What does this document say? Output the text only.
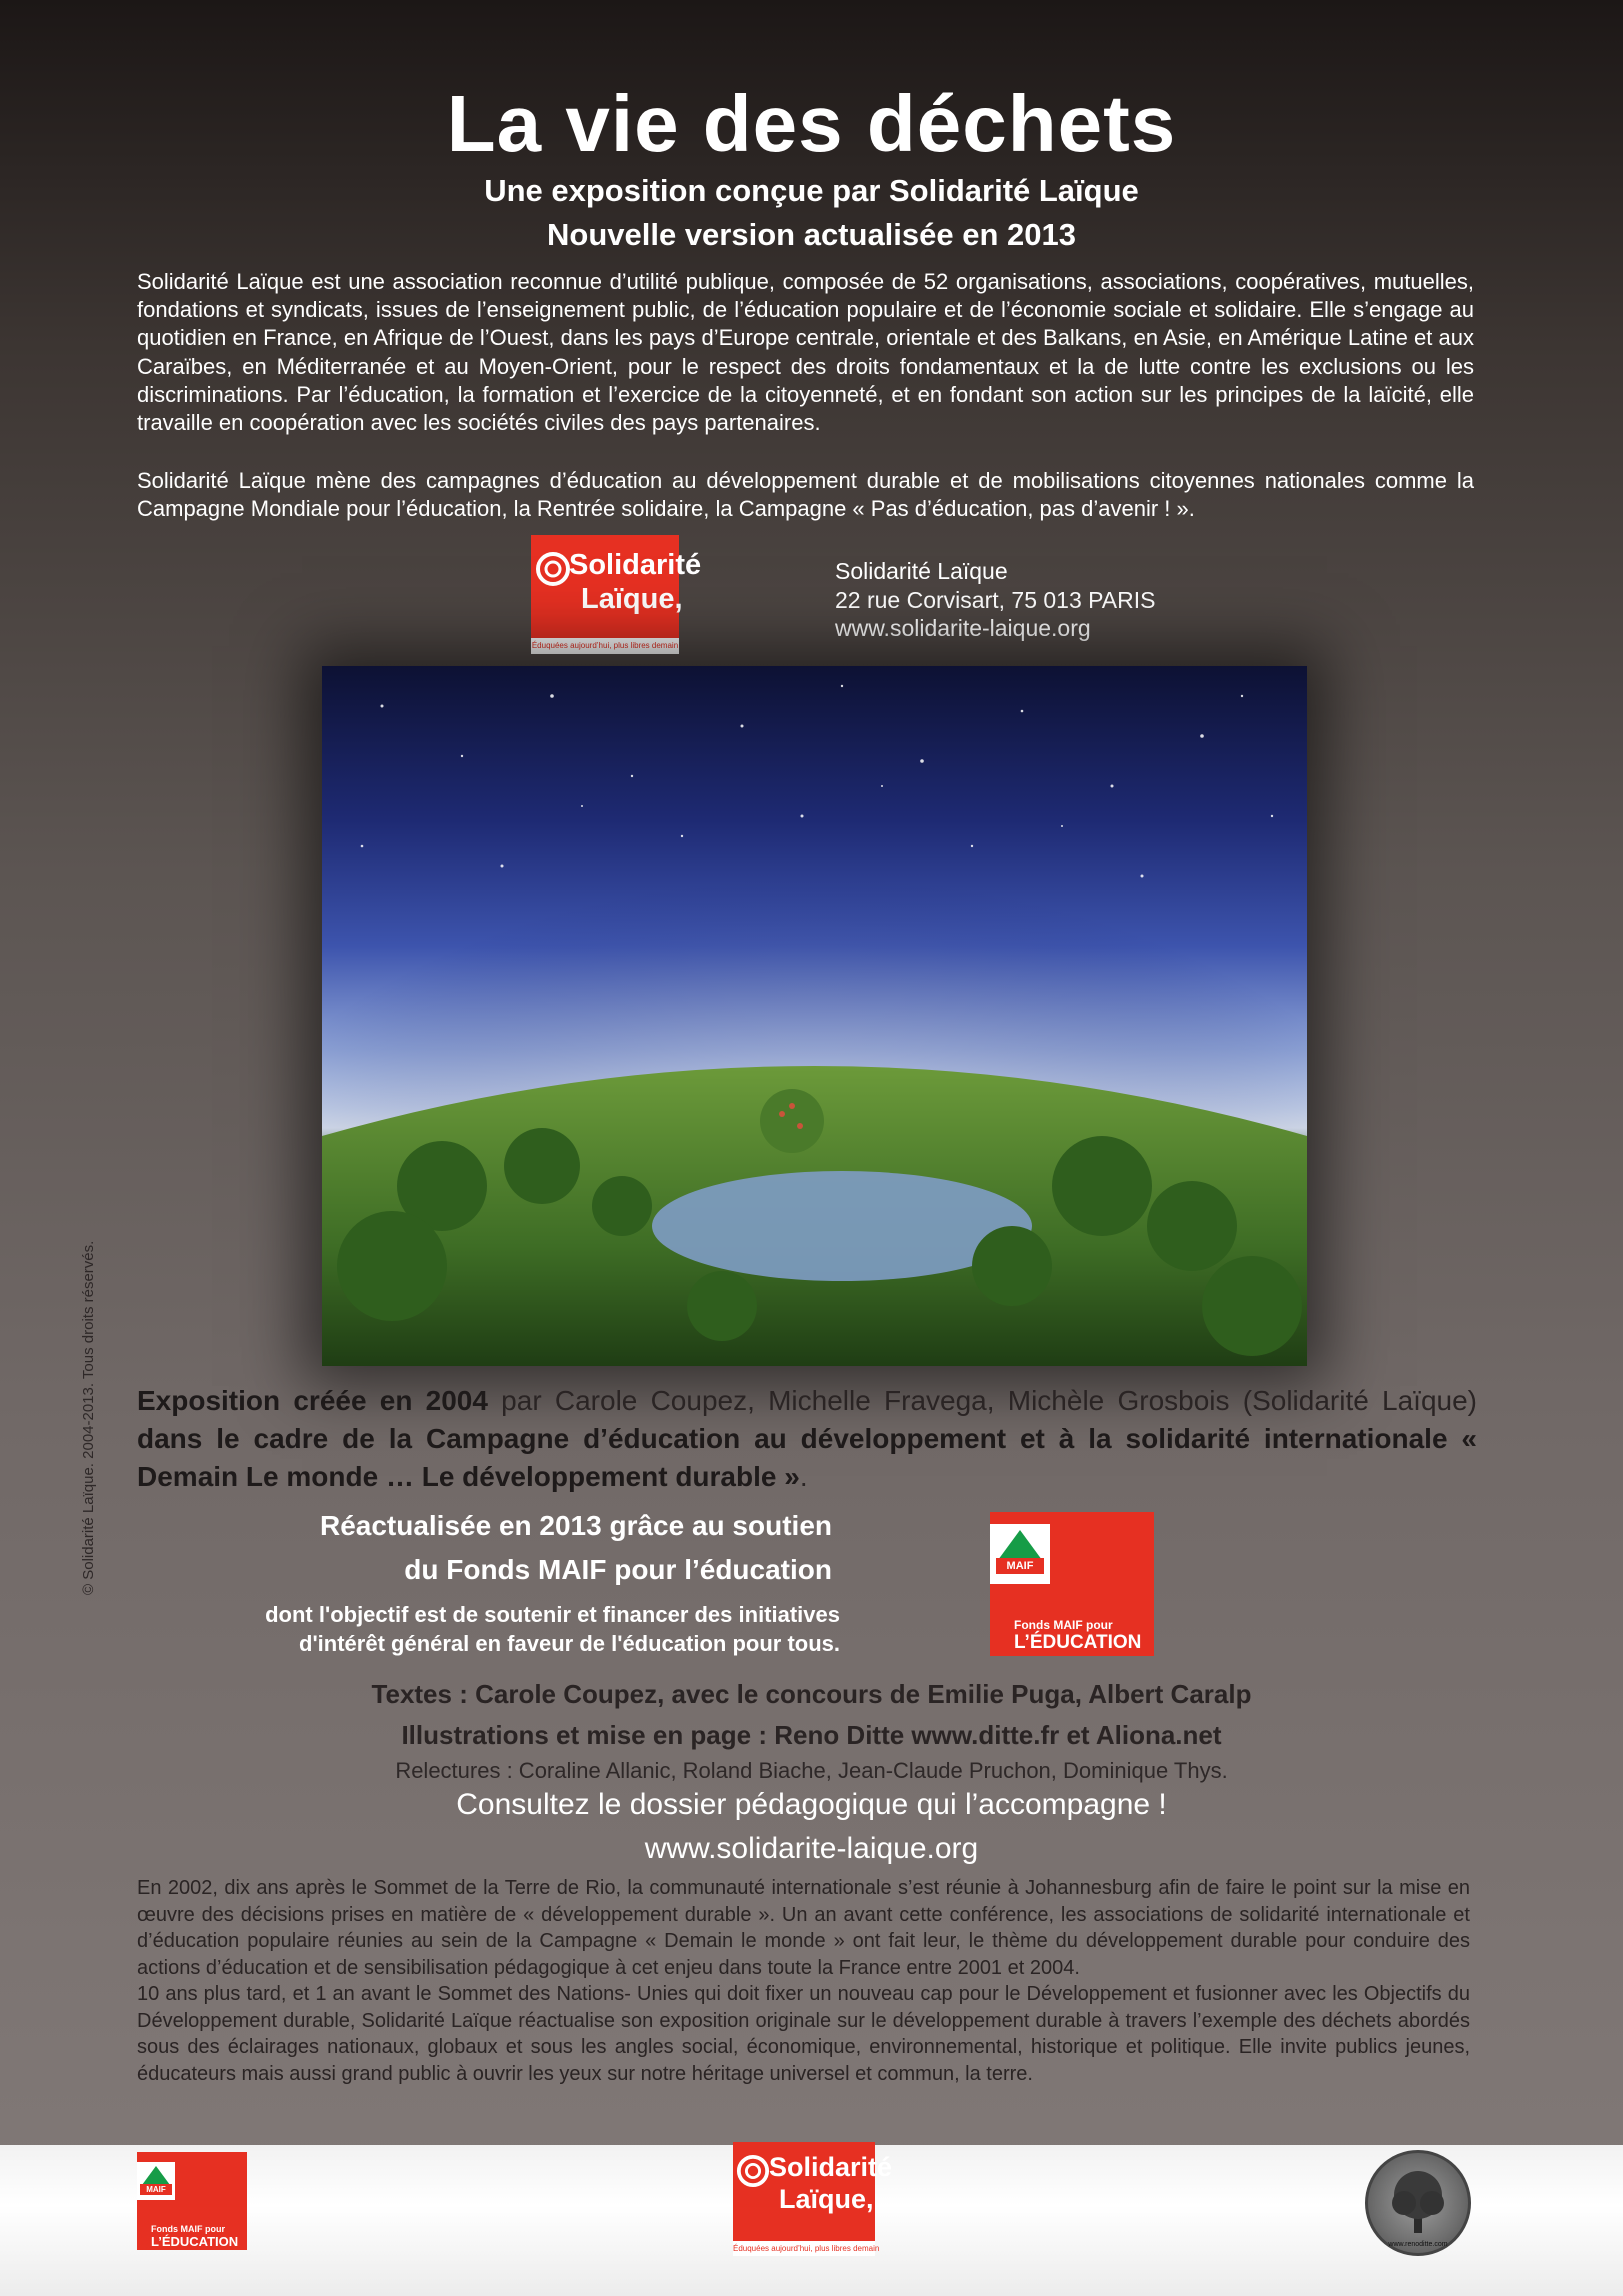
La vie des déchets
Une exposition conçue par Solidarité Laïque
Nouvelle version actualisée en 2013
Solidarité Laïque est une association reconnue d’utilité publique, composée de 52 organisations, associations, coopératives, mutuelles, fondations et syndicats, issues de l’enseignement public, de l’éducation populaire et de l’économie sociale et solidaire. Elle s’engage au quotidien en France, en Afrique de l’Ouest, dans les pays d’Europe centrale, orientale et des Balkans, en Asie, en Amérique Latine et aux Caraïbes, en Méditerranée et au Moyen-Orient, pour le respect des droits fondamentaux et la de lutte contre les exclusions ou les discriminations. Par l’éducation, la formation et l’exercice de la citoyenneté, et en fondant son action sur les principes de la laïcité, elle travaille en coopération avec les sociétés civiles des pays partenaires.
Solidarité Laïque mène des campagnes d’éducation au développement durable et de mobilisations citoyennes nationales comme la Campagne Mondiale pour l’éducation, la Rentrée solidaire, la Campagne « Pas d’éducation, pas d’avenir ! ».
Solidarité
Laïque,
Éduquées aujourd’hui, plus libres demain
Solidarité Laïque
22 rue Corvisart, 75 013 PARIS
www.solidarite-laique.org
Exposition créée en 2004 par Carole Coupez, Michelle Fravega, Michèle Grosbois (Solidarité Laïque) dans le cadre de la Campagne d’éducation au développement et à la solidarité internationale « Demain Le monde … Le développement durable ».
Réactualisée en 2013 grâce au soutien
du Fonds MAIF pour l’éducation
dont l'objectif est de soutenir et financer des initiatives
d'intérêt général en faveur de l'éducation pour tous.
MAIF
Fonds MAIF pour
L’ÉDUCATION
Textes : Carole Coupez, avec le concours de Emilie Puga, Albert Caralp
Illustrations et mise en page : Reno Ditte www.ditte.fr et Aliona.net
Relectures : Coraline Allanic, Roland Biache, Jean-Claude Pruchon, Dominique Thys.
Consultez le dossier pédagogique qui l’accompagne !
www.solidarite-laique.org
En 2002, dix ans après le Sommet de la Terre de Rio, la communauté internationale s’est réunie à Johannesburg afin de faire le point sur la mise en œuvre des décisions prises en matière de « développement durable ». Un an avant cette conférence, les associations de solidarité internationale et d’éducation populaire réunies au sein de la Campagne « Demain le monde » ont fait leur, le thème du développement durable pour conduire des actions d’éducation et de sensibilisation pédagogique à cet enjeu dans toute la France entre 2001 et 2004.
10 ans plus tard, et 1 an avant le Sommet des Nations- Unies qui doit fixer un nouveau cap pour le Développement et fusionner avec les Objectifs du Développement durable, Solidarité Laïque réactualise son exposition originale sur le développement durable à travers l’exemple des déchets abordés sous des éclairages nationaux, globaux et sous les angles social, économique, environnemental, historique et politique. Elle invite publics jeunes, éducateurs mais aussi grand public à ouvrir les yeux sur notre héritage universel et commun, la terre.
© Solidarité Laïque. 2004-2013. Tous droits réservés.
MAIF
Fonds MAIF pour
L’ÉDUCATION
Solidarité
Laïque,
Éduquées aujourd’hui, plus libres demain	www.renoditte.com
